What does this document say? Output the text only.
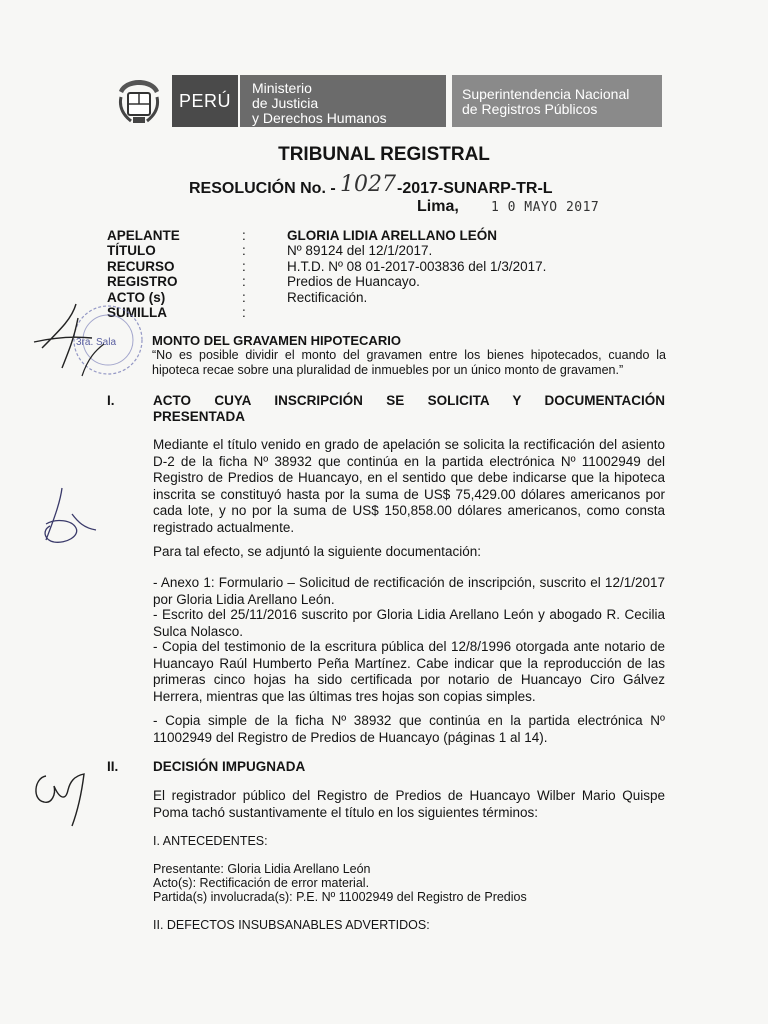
PERÚ
Ministerio
de Justicia
y Derechos Humanos
Superintendencia Nacional
de Registros Públicos
TRIBUNAL REGISTRAL
RESOLUCIÓN No. - 1027 -2017-SUNARP-TR-L
Lima, 1 0 MAYO 2017
APELANTE	:	GLORIA LIDIA ARELLANO LEÓN
TÍTULO	:	Nº 89124 del 12/1/2017.
RECURSO	:	H.T.D. Nº 08 01-2017-003836 del 1/3/2017.
REGISTRO	:	Predios de Huancayo.
ACTO (s)	:	Rectificación.
SUMILLA	:
3ra. Sala	MONTO DEL GRAVAMEN HIPOTECARIO
“No es posible dividir el monto del gravamen entre los bienes hipotecados, cuando la hipoteca recae sobre una pluralidad de inmuebles por un único monto de gravamen.”
I.	ACTO CUYA INSCRIPCIÓN SE SOLICITA Y DOCUMENTACIÓN PRESENTADA
Mediante el título venido en grado de apelación se solicita la rectificación del asiento D-2 de la ficha Nº 38932 que continúa en la partida electrónica Nº 11002949 del Registro de Predios de Huancayo, en el sentido que debe indicarse que la hipoteca inscrita se constituyó hasta por la suma de US$ 75,429.00 dólares americanos por cada lote, y no por la suma de US$ 150,858.00 dólares americanos, como consta registrado actualmente.
Para tal efecto, se adjuntó la siguiente documentación:
- Anexo 1: Formulario – Solicitud de rectificación de inscripción, suscrito el 12/1/2017 por Gloria Lidia Arellano León.
- Escrito del 25/11/2016 suscrito por Gloria Lidia Arellano León y abogado R. Cecilia Sulca Nolasco.
- Copia del testimonio de la escritura pública del 12/8/1996 otorgada ante notario de Huancayo Raúl Humberto Peña Martínez. Cabe indicar que la reproducción de las primeras cinco hojas ha sido certificada por notario de Huancayo Ciro Gálvez Herrera, mientras que las últimas tres hojas son copias simples.
- Copia simple de la ficha Nº 38932 que continúa en la partida electrónica Nº 11002949 del Registro de Predios de Huancayo (páginas 1 al 14).
II.	DECISIÓN IMPUGNADA
El registrador público del Registro de Predios de Huancayo Wilber Mario Quispe Poma tachó sustantivamente el título en los siguientes términos:
I. ANTECEDENTES:
Presentante: Gloria Lidia Arellano León
Acto(s): Rectificación de error material.
Partida(s) involucrada(s): P.E. Nº 11002949 del Registro de Predios
II. DEFECTOS INSUBSANABLES ADVERTIDOS:
